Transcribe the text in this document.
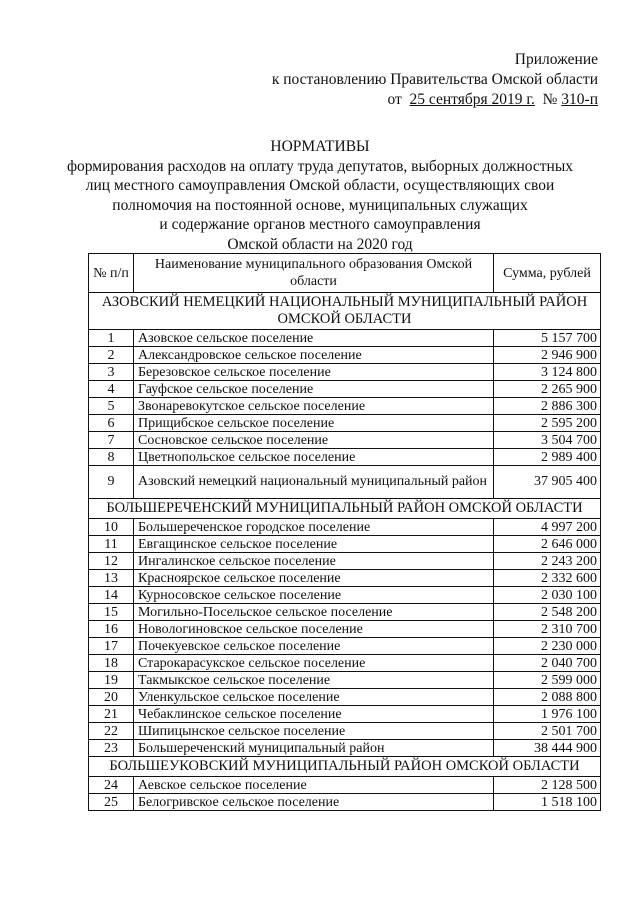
Приложение
к постановлению Правительства Омской области
от 25 сентября 2019 г. № 310-п
НОРМАТИВЫ
формирования расходов на оплату труда депутатов, выборных должностных
лиц местного самоуправления Омской области, осуществляющих свои
полномочия на постоянной основе, муниципальных служащих
и содержание органов местного самоуправления
Омской области на 2020 год
№ п/п	Наименование муниципального образования Омской области	Сумма, рублей
АЗОВСКИЙ НЕМЕЦКИЙ НАЦИОНАЛЬНЫЙ МУНИЦИПАЛЬНЫЙ РАЙОН ОМСКОЙ ОБЛАСТИ		
1	Азовское сельское поселение	5 157 700
2	Александровское сельское поселение	2 946 900
3	Березовское сельское поселение	3 124 800
4	Гауфское сельское поселение	2 265 900
5	Звонаревокутское сельское поселение	2 886 300
6	Прищибское сельское поселение	2 595 200
7	Сосновское сельское поселение	3 504 700
8	Цветнопольское сельское поселение	2 989 400
9	Азовский немецкий национальный муниципальный район	37 905 400
БОЛЬШЕРЕЧЕНСКИЙ МУНИЦИПАЛЬНЫЙ РАЙОН ОМСКОЙ ОБЛАСТИ		
10	Большереченское городское поселение	4 997 200
11	Евгащинское сельское поселение	2 646 000
12	Ингалинское сельское поселение	2 243 200
13	Красноярское сельское поселение	2 332 600
14	Курносовское сельское поселение	2 030 100
15	Могильно-Посельское сельское поселение	2 548 200
16	Новологиновское сельское поселение	2 310 700
17	Почекуевское сельское поселение	2 230 000
18	Старокарасукское сельское поселение	2 040 700
19	Такмыкское сельское поселение	2 599 000
20	Уленкульское сельское поселение	2 088 800
21	Чебаклинское сельское поселение	1 976 100
22	Шипицынское сельское поселение	2 501 700
23	Большереченский муниципальный район	38 444 900
БОЛЬШЕУКОВСКИЙ МУНИЦИПАЛЬНЫЙ РАЙОН ОМСКОЙ ОБЛАСТИ		
24	Аевское сельское поселение	2 128 500
25	Белогривское сельское поселение	1 518 100
